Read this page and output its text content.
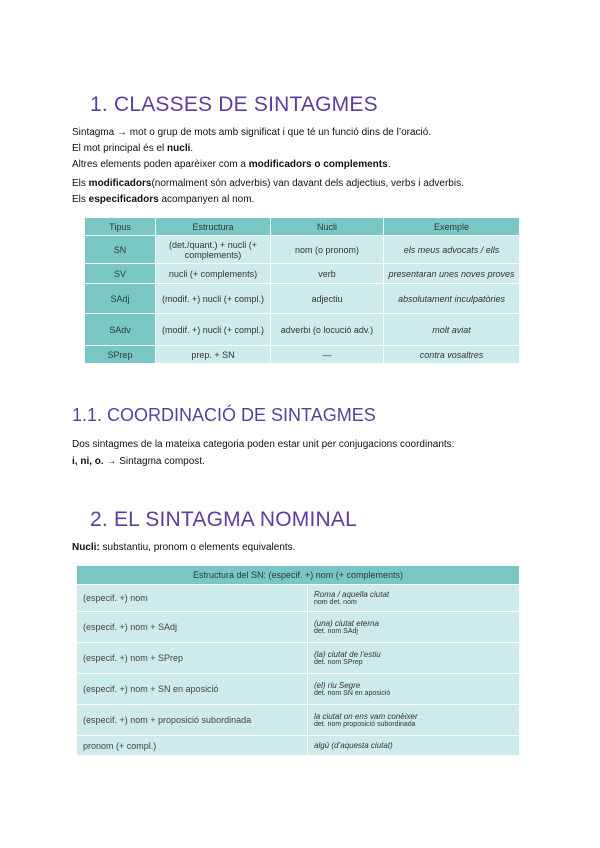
1. CLASSES DE SINTAGMES
Sintagma → mot o grup de mots amb significat i que té un funció dins de l’oració.
El mot principal és el nucli.
Altres elements poden aparèixer com a modificadors o complements.
Els modificadors(normalment són adverbis) van davant dels adjectius, verbs i adverbis.
Els especificadors acompanyen al nom.
Tipus	Estructura	Nucli	Exemple
SN	(det./quant.) + nucli (+ complements)	nom (o pronom)	els meus advocats / ells
SV	nucli (+ complements)	verb	presentaran unes noves proves
SAdj	(modif. +) nucli (+ compl.)	adjectiu	absolutament inculpatòries
SAdv	(modif. +) nucli (+ compl.)	adverbi (o locució adv.)	molt aviat
SPrep	prep. + SN	—	contra vosaltres
1.1. COORDINACIÓ DE SINTAGMES
Dos sintagmes de la mateixa categoria poden estar unit per conjugacions coordinants:
i, ni, o. → Sintagma compost.
2. EL SINTAGMA NOMINAL
Nucli: substantiu, pronom o elements equivalents.
Estructura del SN: (especif. +) nom (+ complements)	
(especif. +) nom	Roma / aquella ciutat
nom det. nom

(especif. +) nom + SAdj	(una) ciutat eterna
det. nom SAdj

(especif. +) nom + SPrep	(la) ciutat de l’estiu
det. nom SPrep

(especif. +) nom + SN en aposició	(el) riu Segre
det. nom SN en aposició

(especif. +) nom + proposició subordinada	la ciutat on ens vam conèixer
det. nom proposició subordinada

pronom (+ compl.)	algú (d’aquesta ciutat)
